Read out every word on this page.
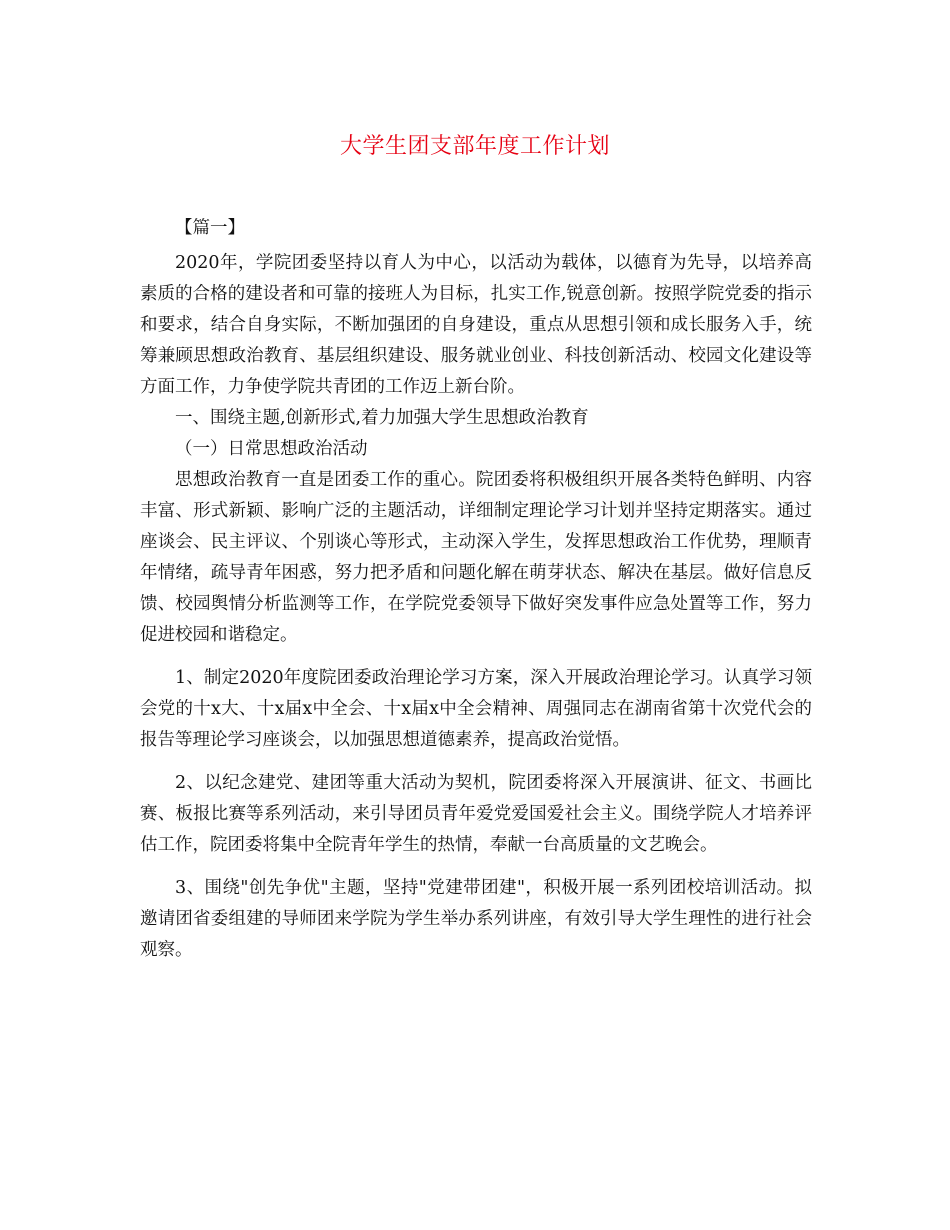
大学生团支部年度工作计划

【篇一】

2020年，学院团委坚持以育人为中心，以活动为载体，以德育为先导，以培养高素质的合格的建设者和可靠的接班人为目标，扎实工作,锐意创新。按照学院党委的指示和要求，结合自身实际，不断加强团的自身建设，重点从思想引领和成长服务入手，统筹兼顾思想政治教育、基层组织建设、服务就业创业、科技创新活动、校园文化建设等方面工作，力争使学院共青团的工作迈上新台阶。

一、围绕主题,创新形式,着力加强大学生思想政治教育

（一）日常思想政治活动

思想政治教育一直是团委工作的重心。院团委将积极组织开展各类特色鲜明、内容丰富、形式新颖、影响广泛的主题活动，详细制定理论学习计划并坚持定期落实。通过座谈会、民主评议、个别谈心等形式，主动深入学生，发挥思想政治工作优势，理顺青年情绪，疏导青年困惑，努力把矛盾和问题化解在萌芽状态、解决在基层。做好信息反馈、校园舆情分析监测等工作，在学院党委领导下做好突发事件应急处置等工作，努力促进校园和谐稳定。

1、制定2020年度院团委政治理论学习方案，深入开展政治理论学习。认真学习领会党的十x大、十x届x中全会、十x届x中全会精神、周强同志在湖南省第十次党代会的报告等理论学习座谈会，以加强思想道德素养，提高政治觉悟。

2、以纪念建党、建团等重大活动为契机，院团委将深入开展演讲、征文、书画比赛、板报比赛等系列活动，来引导团员青年爱党爱国爱社会主义。围绕学院人才培养评估工作，院团委将集中全院青年学生的热情，奉献一台高质量的文艺晚会。

3、围绕"创先争优"主题，坚持"党建带团建"，积极开展一系列团校培训活动。拟邀请团省委组建的导师团来学院为学生举办系列讲座，有效引导大学生理性的进行社会观察。
